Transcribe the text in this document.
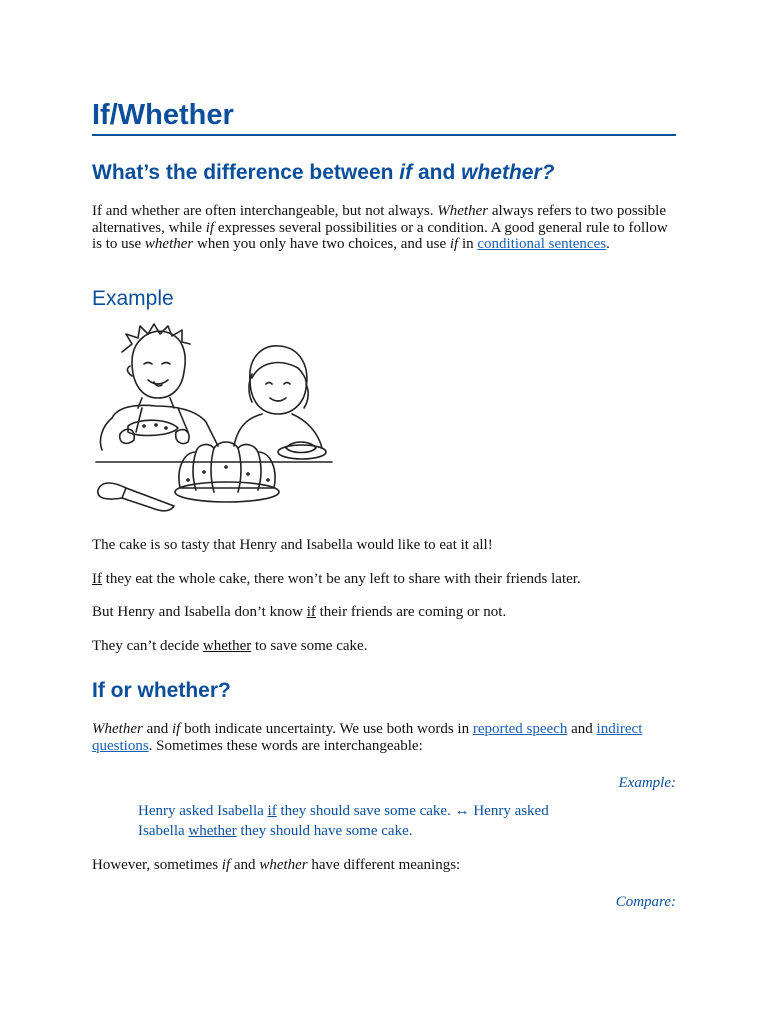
If/Whether
What’s the difference between if and whether?

If and whether are often interchangeable, but not always. Whether always refers to two possible alternatives, while if expresses several possibilities or a condition. A good general rule to follow is to use whether when you only have two choices, and use if in conditional sentences.

Example

The cake is so tasty that Henry and Isabella would like to eat it all!

If they eat the whole cake, there won’t be any left to share with their friends later.

But Henry and Isabella don’t know if their friends are coming or not.

They can’t decide whether to save some cake.

If or whether?

Whether and if both indicate uncertainty. We use both words in reported speech and indirect questions. Sometimes these words are interchangeable:

Example:
Henry asked Isabella if they should save some cake. ↔ Henry asked Isabella whether they should have some cake.

However, sometimes if and whether have different meanings:

Compare:
